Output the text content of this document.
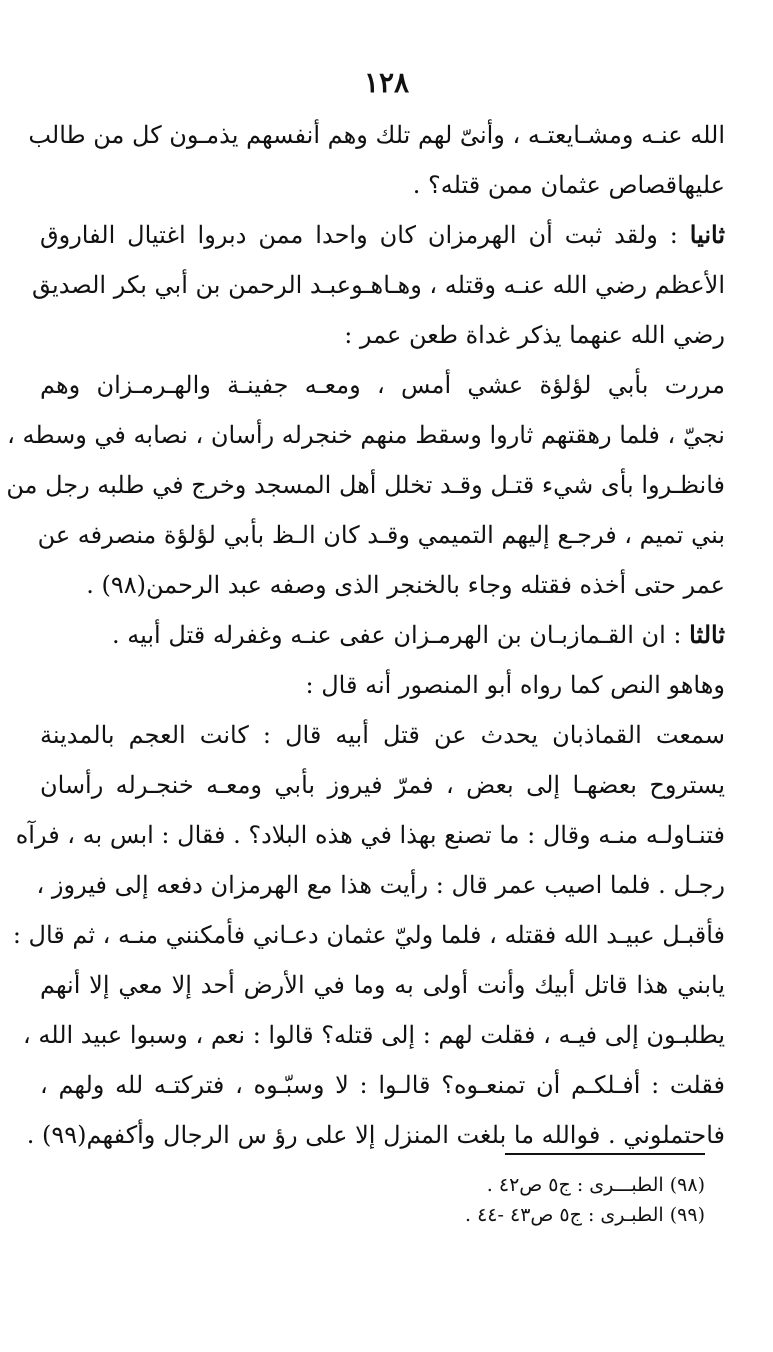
١٢٨
الله عنـه ومشـايعتـه ، وأنىّ لهم تلك وهم أنفسهم يذمـون كل من طالب
عليهاقصاص عثمان ممن قتله؟ .
ثانيا : ولقد ثبت أن الهرمزان كان واحدا ممن دبروا اغتيال الفاروق
الأعظم رضي الله عنـه وقتله ، وهـاهـوعبـد الرحمن بن أبي بكر الصديق
رضي الله عنهما يذكر غداة طعن عمر :
مررت بأبي لؤلؤة عشي أمس ، ومعـه جفينـة والهـرمـزان وهم
نجيّ ، فلما رهقتهم ثاروا وسقط منهم خنجرله رأسان ، نصابه في وسطه ،
فانظـروا بأى شيء قتـل وقـد تخلل أهل المسجد وخرج في طلبه رجل من
بني تميم ، فرجـع إليهم التميمي وقـد كان الـظ بأبي لؤلؤة منصرفه عن
عمر حتى أخذه فقتله وجاء بالخنجر الذى وصفه عبد الرحمن(٩٨) .
ثالثا : ان القـمازبـان بن الهرمـزان عفى عنـه وغفرله قتل أبيه .
وهاهو النص كما رواه أبو المنصور أنه قال :
سمعت القماذبان يحدث عن قتل أبيه قال : كانت العجم بالمدينة
يستروح بعضهـا إلى بعض ، فمرّ فيروز بأبي ومعـه خنجـرله رأسان
فتنـاولـه منـه وقال : ما تصنع بهذا في هذه البلاد؟ . فقال : ابس به ، فرآه
رجـل . فلما اصيب عمر قال : رأيت هذا مع الهرمزان دفعه إلى فيروز ،
فأقبـل عبيـد الله فقتله ، فلما وليّ عثمان دعـاني فأمكنني منـه ، ثم قال :
يابني هذا قاتل أبيك وأنت أولى به وما في الأرض أحد إلا معي إلا أنهم
يطلبـون إلى فيـه ، فقلت لهم : إلى قتله؟ قالوا : نعم ، وسبوا عبيد الله ،
فقلت : أفـلكـم أن تمنعـوه؟ قالـوا : لا وسبّـوه ، فتركتـه لله ولهم ،
فاحتملوني . فوالله ما بلغت المنزل إلا على رؤ س الرجال وأكفهم(٩٩) .
(٩٨) الطبـــرى : ج٥ ص٤٢ .
(٩٩) الطبـرى : ج٥ ص٤٣ -٤٤ .
